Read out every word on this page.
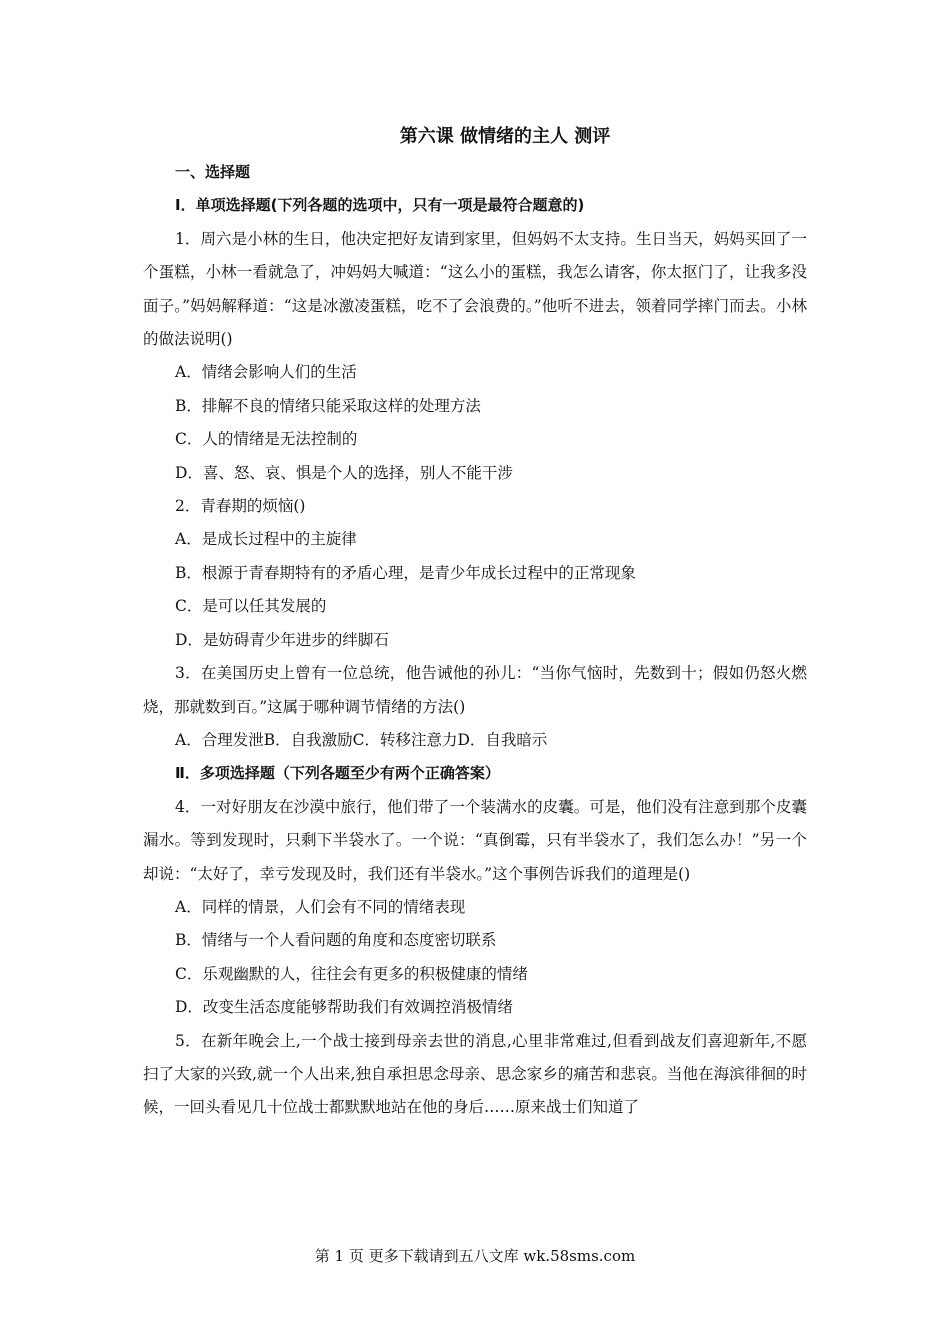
第六课 做情绪的主人 测评
一、选择题
Ⅰ．单项选择题(下列各题的选项中，只有一项是最符合题意的)
1．周六是小林的生日，他决定把好友请到家里，但妈妈不太支持。生日当天，妈妈买回了一个蛋糕，小林一看就急了，冲妈妈大喊道：“这么小的蛋糕，我怎么请客，你太抠门了，让我多没面子。”妈妈解释道：“这是冰激凌蛋糕，吃不了会浪费的。”他听不进去，领着同学摔门而去。小林的做法说明()
A．情绪会影响人们的生活
B．排解不良的情绪只能采取这样的处理方法
C．人的情绪是无法控制的
D．喜、怒、哀、惧是个人的选择，别人不能干涉
2．青春期的烦恼()
A．是成长过程中的主旋律
B．根源于青春期特有的矛盾心理，是青少年成长过程中的正常现象
C．是可以任其发展的
D．是妨碍青少年进步的绊脚石
3．在美国历史上曾有一位总统，他告诫他的孙儿：“当你气恼时，先数到十；假如仍怒火燃烧，那就数到百。”这属于哪种调节情绪的方法()
A．合理发泄B．自我激励C．转移注意力D．自我暗示
Ⅱ．多项选择题（下列各题至少有两个正确答案）
4．一对好朋友在沙漠中旅行，他们带了一个装满水的皮囊。可是，他们没有注意到那个皮囊漏水。等到发现时，只剩下半袋水了。一个说：“真倒霉，只有半袋水了，我们怎么办！”另一个却说：“太好了，幸亏发现及时，我们还有半袋水。”这个事例告诉我们的道理是()
A．同样的情景，人们会有不同的情绪表现
B．情绪与一个人看问题的角度和态度密切联系
C．乐观幽默的人，往往会有更多的积极健康的情绪
D．改变生活态度能够帮助我们有效调控消极情绪
5．在新年晚会上,一个战士接到母亲去世的消息,心里非常难过,但看到战友们喜迎新年,不愿扫了大家的兴致,就一个人出来,独自承担思念母亲、思念家乡的痛苦和悲哀。当他在海滨徘徊的时候，一回头看见几十位战士都默默地站在他的身后……原来战士们知道了
第 1 页 更多下载请到五八文库 wk.58sms.com
